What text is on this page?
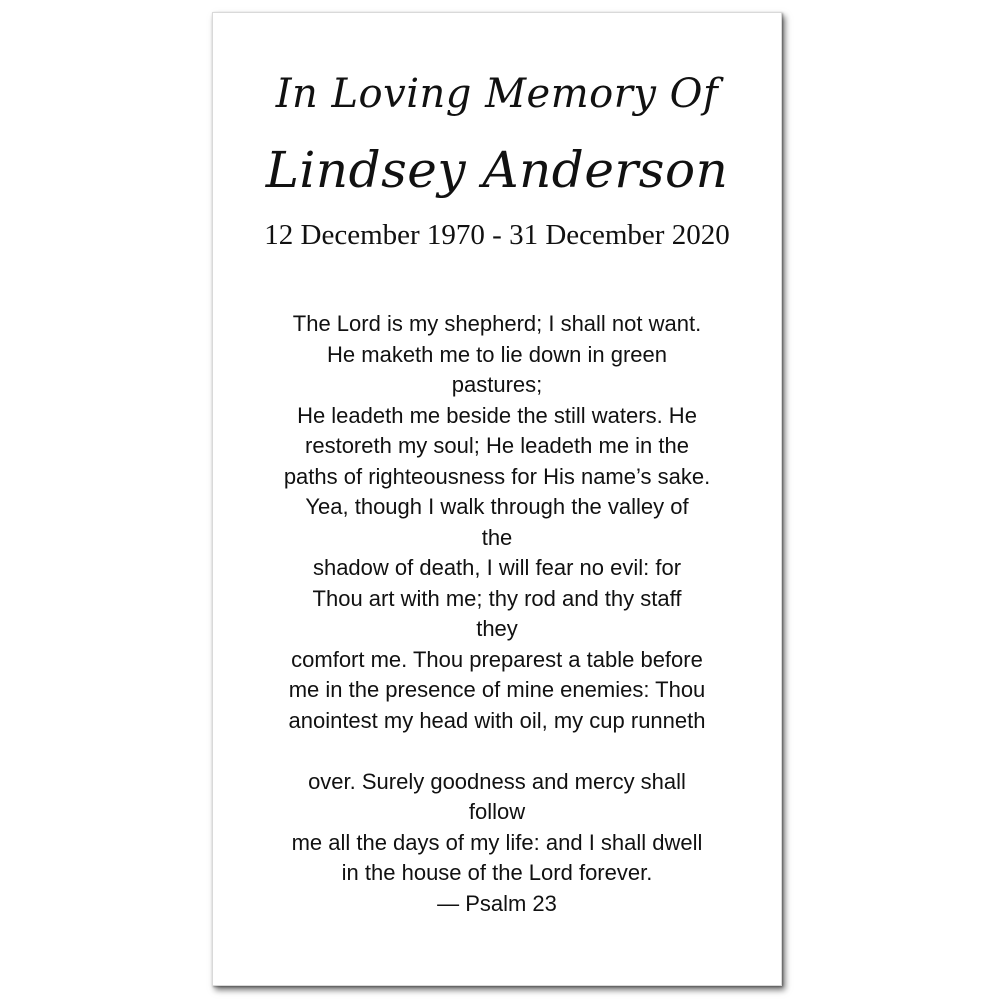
In Loving Memory Of
Lindsey Anderson
12 December 1970 - 31 December 2020
The Lord is my shepherd; I shall not want.
He maketh me to lie down in green
pastures;
He leadeth me beside the still waters. He
restoreth my soul; He leadeth me in the
paths of righteousness for His name’s sake.
Yea, though I walk through the valley of
the
shadow of death, I will fear no evil: for
Thou art with me; thy rod and thy staff
they
comfort me. Thou preparest a table before
me in the presence of mine enemies: Thou
anointest my head with oil, my cup runneth
over. Surely goodness and mercy shall
follow
me all the days of my life: and I shall dwell
in the house of the Lord forever.
— Psalm 23
